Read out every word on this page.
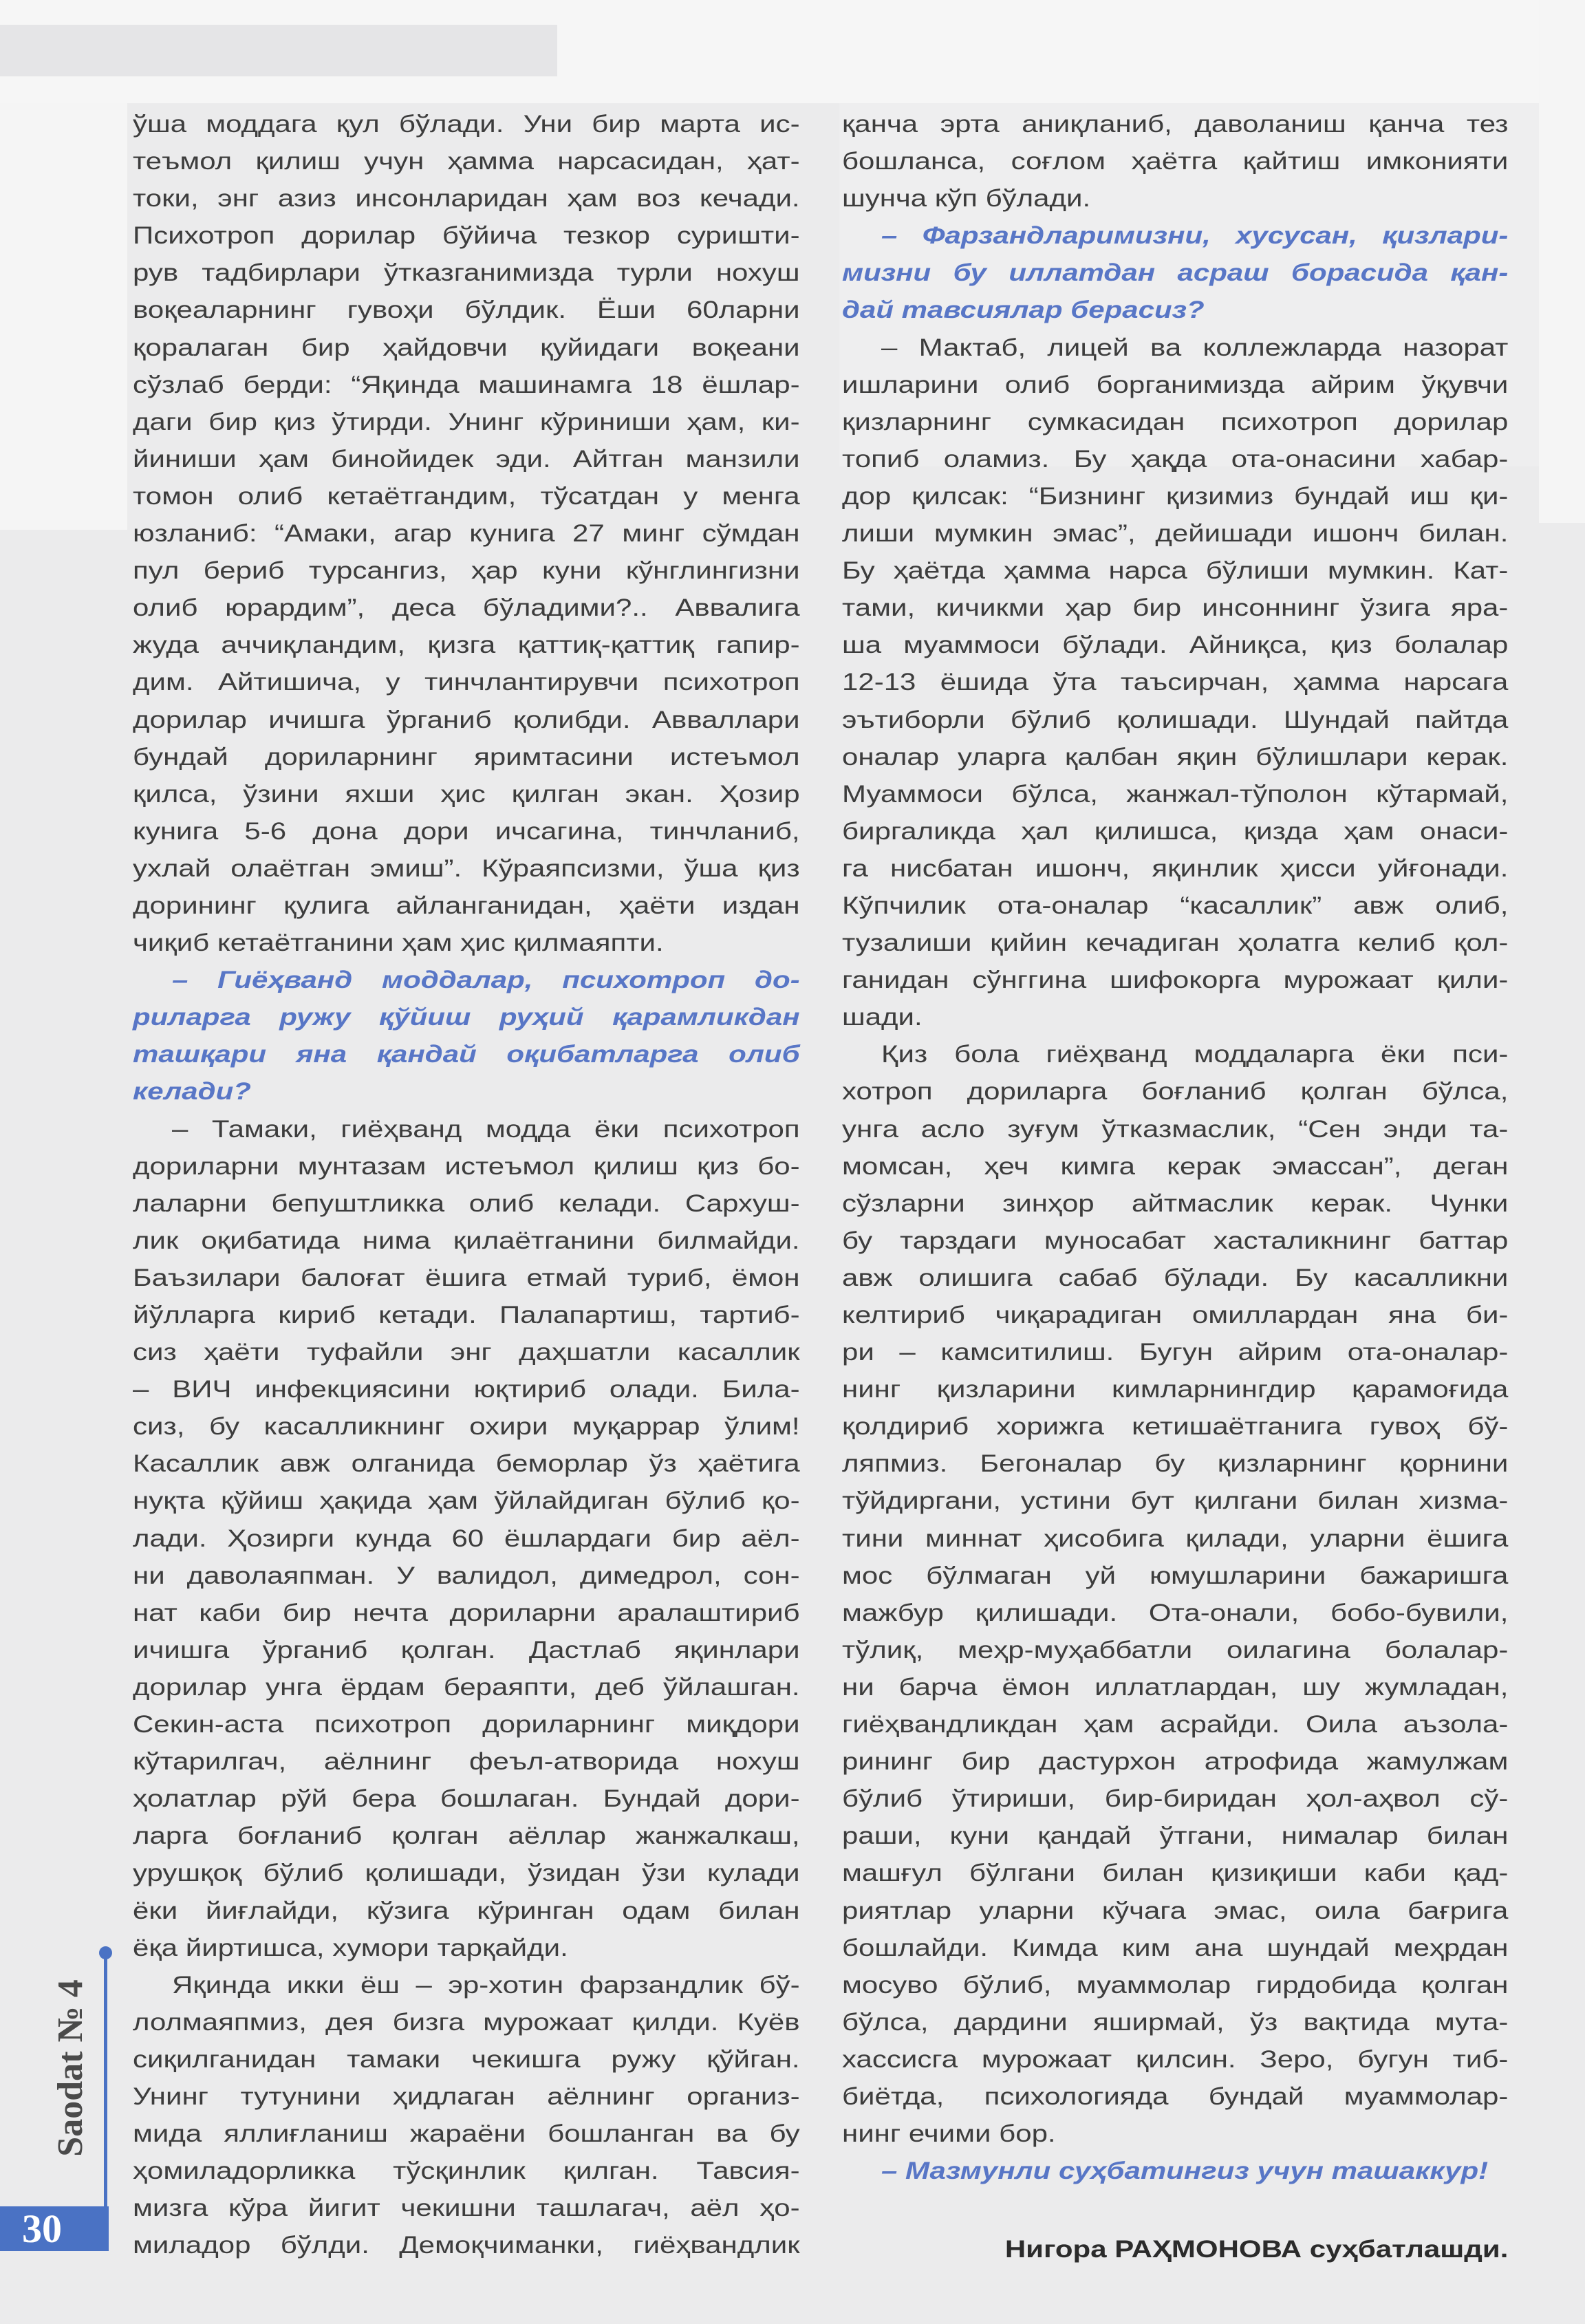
ўша моддага қул бўлади. Уни бир марта ис-
теъмол қилиш учун ҳамма нарсасидан, ҳат-
токи, энг азиз инсонларидан ҳам воз кечади.
Психотроп дорилар бўйича тезкор суришти-
рув тадбирлари ўтказганимизда турли нохуш
воқеаларнинг гувоҳи бўлдик. Ёши 60ларни
қоралаган бир ҳайдовчи қуйидаги воқеани
сўзлаб берди: “Яқинда машинамга 18 ёшлар-
даги бир қиз ўтирди. Унинг кўриниши ҳам, ки-
йиниши ҳам бинойидек эди. Айтган манзили
томон олиб кетаётгандим, тўсатдан у менга
юзланиб: “Амаки, агар кунига 27 минг сўмдан
пул бериб турсангиз, ҳар куни кўнглингизни
олиб юрардим”, деса бўладими?.. Аввалига
жуда аччиқландим, қизга қаттиқ-қаттиқ гапир-
дим. Айтишича, у тинчлантирувчи психотроп
дорилар ичишга ўрганиб қолибди. Авваллари
бундай дориларнинг яримтасини истеъмол
қилса, ўзини яхши ҳис қилган экан. Ҳозир
кунига 5-6 дона дори ичсагина, тинчланиб,
ухлай олаётган эмиш”. Кўраяпсизми, ўша қиз
дорининг қулига айланганидан, ҳаёти издан
чиқиб кетаётганини ҳам ҳис қилмаяпти.
– Гиёҳванд моддалар, психотроп до-
риларга ружу қўйиш руҳий қарамликдан
ташқари яна қандай оқибатларга олиб
келади?
– Тамаки, гиёҳванд модда ёки психотроп
дориларни мунтазам истеъмол қилиш қиз бо-
лаларни бепуштликка олиб келади. Сархуш-
лик оқибатида нима қилаётганини билмайди.
Баъзилари балоғат ёшига етмай туриб, ёмон
йўлларга кириб кетади. Палапартиш, тартиб-
сиз ҳаёти туфайли энг даҳшатли касаллик
– ВИЧ инфекциясини юқтириб олади. Била-
сиз, бу касалликнинг охири муқаррар ўлим!
Касаллик авж олганида беморлар ўз ҳаётига
нуқта қўйиш ҳақида ҳам ўйлайдиган бўлиб қо-
лади. Ҳозирги кунда 60 ёшлардаги бир аёл-
ни даволаяпман. У валидол, димедрол, сон-
нат каби бир нечта дориларни аралаштириб
ичишга ўрганиб қолган. Дастлаб яқинлари
дорилар унга ёрдам бераяпти, деб ўйлашган.
Секин-аста психотроп дориларнинг миқдори
кўтарилгач, аёлнинг феъл-атворида нохуш
ҳолатлар рўй бера бошлаган. Бундай дори-
ларга боғланиб қолган аёллар жанжалкаш,
урушқоқ бўлиб қолишади, ўзидан ўзи кулади
ёки йиғлайди, кўзига кўринган одам билан
ёқа йиртишса, хумори тарқайди.
Яқинда икки ёш – эр-хотин фарзандлик бў-
лолмаяпмиз, дея бизга мурожаат қилди. Куёв
сиқилганидан тамаки чекишга ружу қўйган.
Унинг тутунини ҳидлаган аёлнинг организ-
мида яллиғланиш жараёни бошланган ва бу
ҳомиладорликка тўсқинлик қилган. Тавсия-
мизга кўра йигит чекишни ташлагач, аёл ҳо-
миладор бўлди. Демоқчиманки, гиёҳвандлик
қанча эрта аниқланиб, даволаниш қанча тез
бошланса, соғлом ҳаётга қайтиш имконияти
шунча кўп бўлади.
– Фарзандларимизни, хусусан, қизлари-
мизни бу иллатдан асраш борасида қан-
дай тавсиялар берасиз?
– Мактаб, лицей ва коллежларда назорат
ишларини олиб борганимизда айрим ўқувчи
қизларнинг сумкасидан психотроп дорилар
топиб оламиз. Бу ҳақда ота-онасини хабар-
дор қилсак: “Бизнинг қизимиз бундай иш қи-
лиши мумкин эмас”, дейишади ишонч билан.
Бу ҳаётда ҳамма нарса бўлиши мумкин. Кат-
тами, кичикми ҳар бир инсоннинг ўзига яра-
ша муаммоси бўлади. Айниқса, қиз болалар
12-13 ёшида ўта таъсирчан, ҳамма нарсага
эътиборли бўлиб қолишади. Шундай пайтда
оналар уларга қалбан яқин бўлишлари керак.
Муаммоси бўлса, жанжал-тўполон кўтармай,
биргаликда ҳал қилишса, қизда ҳам онаси-
га нисбатан ишонч, яқинлик ҳисси уйғонади.
Кўпчилик ота-оналар “касаллик” авж олиб,
тузалиши қийин кечадиган ҳолатга келиб қол-
ганидан сўнггина шифокорга мурожаат қили-
шади.
Қиз бола гиёҳванд моддаларга ёки пси-
хотроп дориларга боғланиб қолган бўлса,
унга асло зуғум ўтказмаслик, “Сен энди та-
момсан, ҳеч кимга керак эмассан”, деган
сўзларни зинҳор айтмаслик керак. Чунки
бу тарздаги муносабат хасталикнинг баттар
авж олишига сабаб бўлади. Бу касалликни
келтириб чиқарадиган омиллардан яна би-
ри – камситилиш. Бугун айрим ота-оналар-
нинг қизларини кимларнингдир қарамоғида
қолдириб хорижга кетишаётганига гувоҳ бў-
ляпмиз. Бегоналар бу қизларнинг қорнини
тўйдиргани, устини бут қилгани билан хизма-
тини миннат ҳисобига қилади, уларни ёшига
мос бўлмаган уй юмушларини бажаришга
мажбур қилишади. Ота-онали, бобо-бувили,
тўлиқ, меҳр-муҳаббатли оилагина болалар-
ни барча ёмон иллатлардан, шу жумладан,
гиёҳвандликдан ҳам асрайди. Оила аъзола-
рининг бир дастурхон атрофида жамулжам
бўлиб ўтириши, бир-биридан ҳол-аҳвол сў-
раши, куни қандай ўтгани, нималар билан
машғул бўлгани билан қизиқиши каби қад-
риятлар уларни кўчага эмас, оила бағрига
бошлайди. Кимда ким ана шундай меҳрдан
мосуво бўлиб, муаммолар гирдобида қолган
бўлса, дардини яширмай, ўз вақтида мута-
хассисга мурожаат қилсин. Зеро, бугун тиб-
биётда, психологияда бундай муаммолар-
нинг ечими бор.
– Мазмунли суҳбатингиз учун ташаккур!
Нигора РАҲМОНОВА суҳбатлашди.
Saodat № 4
30
